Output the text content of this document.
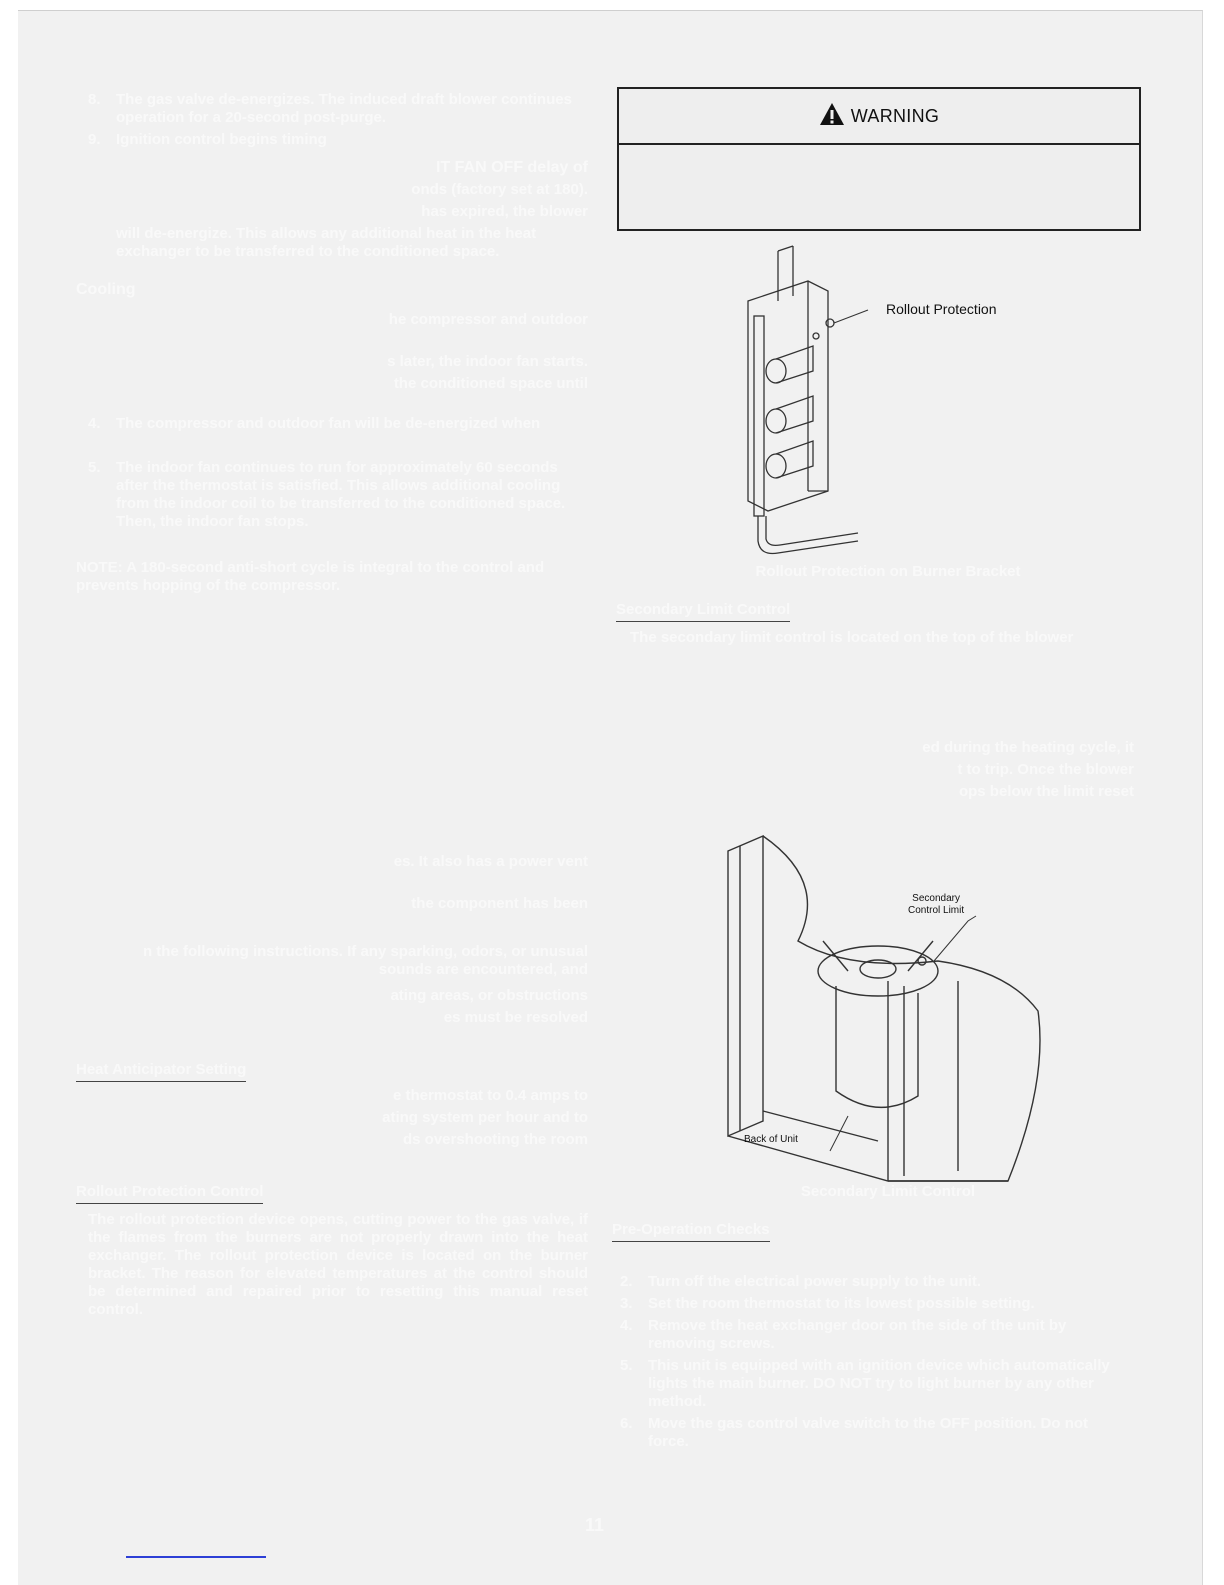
8.	The gas valve de-energizes. The induced draft blower continues operation for a 20-second post-purge.
9.	Ignition control begins timing
IT FAN OFF delay of
onds (factory set at 180).
has expired, the blower
will de-energize. This allows any additional heat in the heat exchanger to be transferred to the conditioned space.
Cooling
he compressor and outdoor
s later, the indoor fan starts.
the conditioned space until
4.	The compressor and outdoor fan will be de-energized when
5.	The indoor fan continues to run for approximately 60 seconds after the thermostat is satisfied. This allows additional cooling from the indoor coil to be transferred to the conditioned space. Then, the indoor fan stops.
NOTE: A 180-second anti-short cycle is integral to the control and prevents hopping of the compressor.
es. It also has a power vent
the component has been
n the following instructions. If any sparking, odors, or unusual sounds are encountered, and
ating areas, or obstructions
es must be resolved
Heat Anticipator Setting
e thermostat to 0.4 amps to
ating system per hour and to
ds overshooting the room
Rollout Protection Control
The rollout protection device opens, cutting power to the gas valve, if the flames from the burners are not properly drawn into the heat exchanger. The rollout protection device is located on the burner bracket. The reason for elevated temperatures at the control should be determined and repaired prior to resetting this manual reset control.
WARNING
Rollout Protection
Rollout Protection on Burner Bracket
Secondary Limit Control
The secondary limit control is located on the top of the blower
ed during the heating cycle, it
t to trip. Once the blower
ops below the limit reset
Secondary
Control Limit
Back of Unit
Secondary Limit Control
Pre-Operation Checks
2.	Turn off the electrical power supply to the unit.
3.	Set the room thermostat to its lowest possible setting.
4.	Remove the heat exchanger door on the side of the unit by removing screws.
5.	This unit is equipped with an ignition device which automatically lights the main burner. DO NOT try to light burner by any other method.
6.	Move the gas control valve switch to the OFF position. Do not force.
11
